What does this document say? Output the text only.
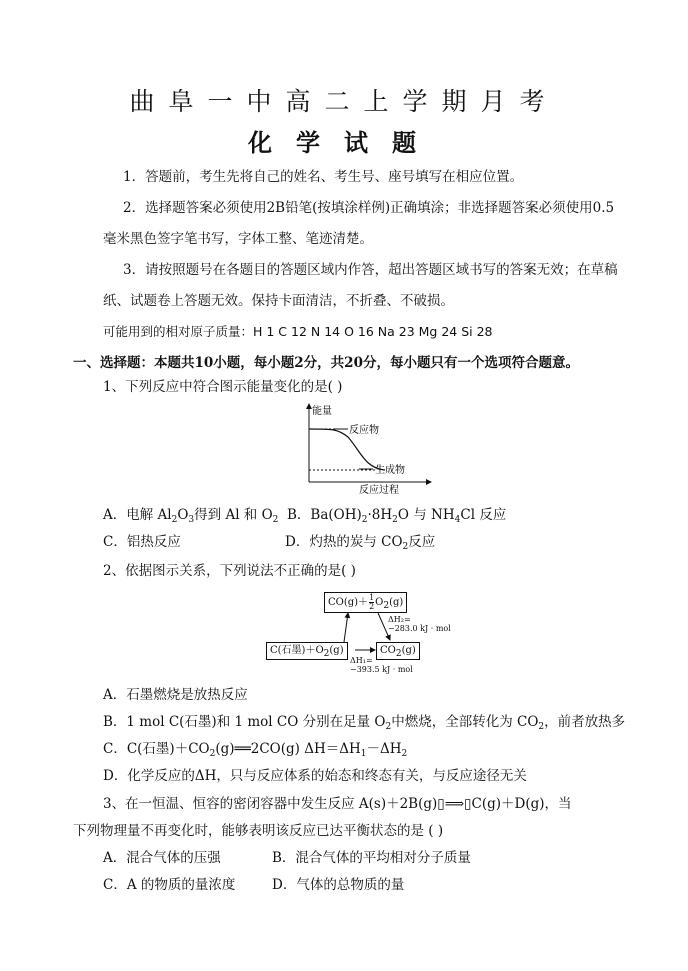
曲阜一中高二上学期月考
化学试题
1．答题前，考生先将自己的姓名、考生号、座号填写在相应位置。
2．选择题答案必须使用2B铅笔(按填涂样例)正确填涂；非选择题答案必须使用0.5
毫米黑色签字笔书写，字体工整、笔迹清楚。
3．请按照题号在各题目的答题区域内作答，超出答题区域书写的答案无效；在草稿
纸、试题卷上答题无效。保持卡面清洁，不折叠、不破损。
可能用到的相对原子质量：H 1 C 12 N 14 O 16 Na 23 Mg 24 Si 28
一、选择题：本题共10小题，每小题2分，共20分，每小题只有一个选项符合题意。
1、下列反应中符合图示能量变化的是( )
能量
反应物
生成物
反应过程
A．电解 $Al_2O_3$得到 Al 和 $O_2$ B．$Ba(OH)_2\cdot 8H_2O$ 与 $NH_4Cl$ 反应
C．铝热反应	D．灼热的炭与 $CO_2$反应
2、依据图示关系，下列说法不正确的是( )
$CO(g)+ \frac{1}{2} O_2(g)$
C(石墨)$+O_2(g)$	$CO_2(g)$
ΔH₂=
−283.0 kJ · mol
ΔH₁=
−393.5 kJ · mol
A．石墨燃烧是放热反应
B．1 mol C(石墨)和 1 mol CO 分别在足量 $O_2$中燃烧，全部转化为 $CO_2$，前者放热多
C．C(石墨)$+CO_2(g)══2CO(g)$ $\Delta H=\Delta H_1-\Delta H_2$
D．化学反应的ΔH，只与反应体系的始态和终态有关，与反应途径无关
3、在一恒温、恒容的密闭容器中发生反应 A(s)＋2B(g)▯⟹▯C(g)＋D(g)，当
下列物理量不再变化时，能够表明该反应已达平衡状态的是 ( )
A．混合气体的压强	B．混合气体的平均相对分子质量
C．A 的物质的量浓度	D．气体的总物质的量
